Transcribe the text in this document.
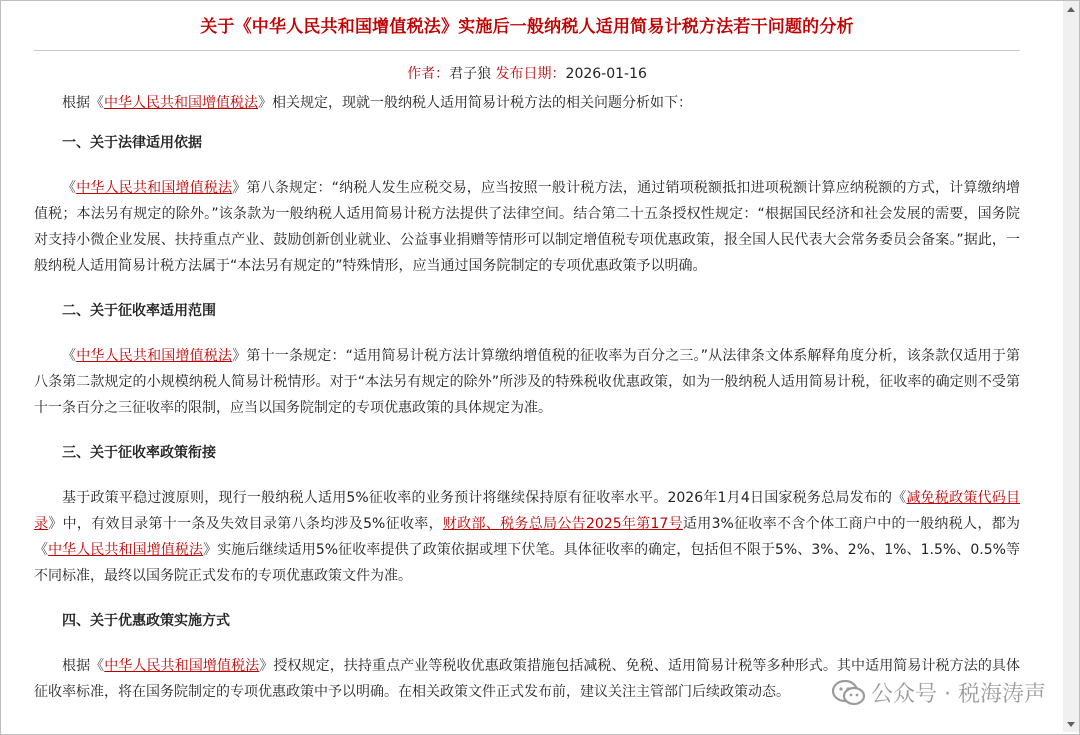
关于《中华人民共和国增值税法》实施后一般纳税人适用简易计税方法若干问题的分析
作者：君子狼 发布日期：2026-01-16

根据《中华人民共和国增值税法》相关规定，现就一般纳税人适用简易计税方法的相关问题分析如下：

一、关于法律适用依据

《中华人民共和国增值税法》第八条规定：“纳税人发生应税交易，应当按照一般计税方法，通过销项税额抵扣进项税额计算应纳税额的方式，计算缴纳增值税；本法另有规定的除外。”该条款为一般纳税人适用简易计税方法提供了法律空间。结合第二十五条授权性规定：“根据国民经济和社会发展的需要，国务院对支持小微企业发展、扶持重点产业、鼓励创新创业就业、公益事业捐赠等情形可以制定增值税专项优惠政策，报全国人民代表大会常务委员会备案。”据此，一般纳税人适用简易计税方法属于“本法另有规定的”特殊情形，应当通过国务院制定的专项优惠政策予以明确。

二、关于征收率适用范围

《中华人民共和国增值税法》第十一条规定：“适用简易计税方法计算缴纳增值税的征收率为百分之三。”从法律条文体系解释角度分析，该条款仅适用于第八条第二款规定的小规模纳税人简易计税情形。对于“本法另有规定的除外”所涉及的特殊税收优惠政策，如为一般纳税人适用简易计税，征收率的确定则不受第十一条百分之三征收率的限制，应当以国务院制定的专项优惠政策的具体规定为准。

三、关于征收率政策衔接

基于政策平稳过渡原则，现行一般纳税人适用5%征收率的业务预计将继续保持原有征收率水平。2026年1月4日国家税务总局发布的《减免税政策代码目录》中，有效目录第十一条及失效目录第八条均涉及5%征收率，财政部、税务总局公告2025年第17号适用3%征收率不含个体工商户中的一般纳税人，都为《中华人民共和国增值税法》实施后继续适用5%征收率提供了政策依据或埋下伏笔。具体征收率的确定，包括但不限于5%、3%、2%、1%、1.5%、0.5%等不同标准，最终以国务院正式发布的专项优惠政策文件为准。

四、关于优惠政策实施方式

根据《中华人民共和国增值税法》授权规定，扶持重点产业等税收优惠政策措施包括减税、免税、适用简易计税等多种形式。其中适用简易计税方法的具体征收率标准，将在国务院制定的专项优惠政策中予以明确。在相关政策文件正式发布前，建议关注主管部门后续政策动态。	公众号 · 税海涛声
